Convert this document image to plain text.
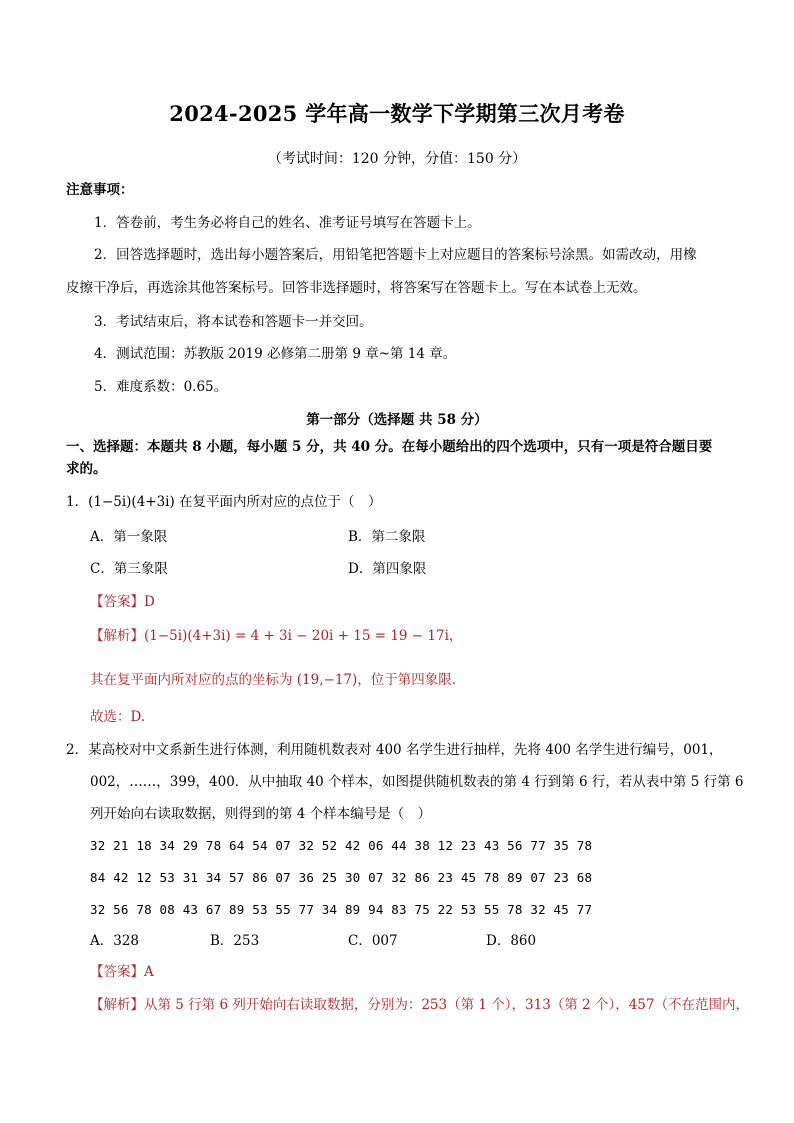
2024-2025 学年高一数学下学期第三次月考卷
（考试时间：120 分钟，分值：150 分）
注意事项：
1．答卷前，考生务必将自己的姓名、准考证号填写在答题卡上。
2．回答选择题时，选出每小题答案后，用铅笔把答题卡上对应题目的答案标号涂黑。如需改动，用橡
皮擦干净后，再选涂其他答案标号。回答非选择题时，将答案写在答题卡上。写在本试卷上无效。
3．考试结束后，将本试卷和答题卡一并交回。
4．测试范围：苏教版 2019 必修第二册第 9 章~第 14 章。
5．难度系数：0.65。
第一部分（选择题 共 58 分）
一、选择题：本题共 8 小题，每小题 5 分，共 40 分。在每小题给出的四个选项中，只有一项是符合题目要
求的。
1．(1−5i)(4+3i) 在复平面内所对应的点位于（　）
A．第一象限	B．第二象限
C．第三象限	D．第四象限
【答案】D
【解析】(1−5i)(4+3i) = 4 + 3i − 20i + 15 = 19 − 17i，
其在复平面内所对应的点的坐标为 (19,−17)，位于第四象限.
故选：D.
2．某高校对中文系新生进行体测，利用随机数表对 400 名学生进行抽样，先将 400 名学生进行编号，001，
002，……，399，400．从中抽取 40 个样本，如图提供随机数表的第 4 行到第 6 行，若从表中第 5 行第 6
列开始向右读取数据，则得到的第 4 个样本编号是（　）
32 21 18 34 29 78 64 54 07 32 52 42 06 44 38 12 23 43 56 77 35 78
84 42 12 53 31 34 57 86 07 36 25 30 07 32 86 23 45 78 89 07 23 68
32 56 78 08 43 67 89 53 55 77 34 89 94 83 75 22 53 55 78 32 45 77
A．328	B．253	C．007	D．860
【答案】A
【解析】从第 5 行第 6 列开始向右读取数据，分别为：253（第 1 个），313（第 2 个），457（不在范围内，
